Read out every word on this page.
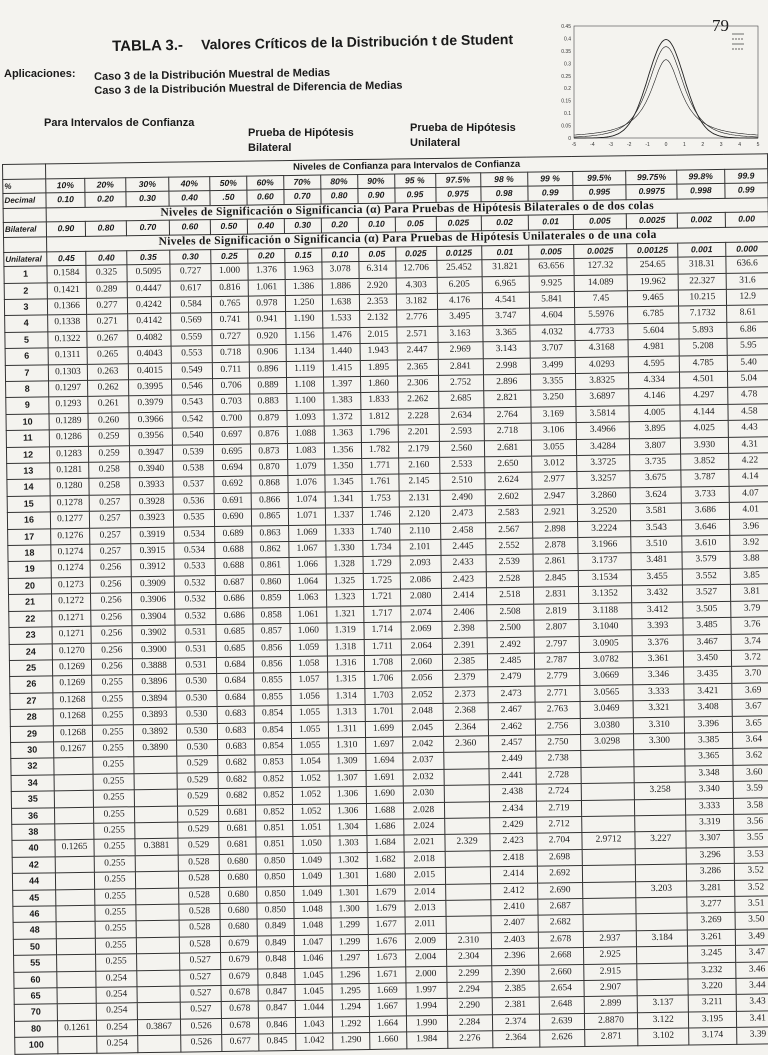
79
TABLA 3.- Valores Críticos de la Distribución t de Student
Aplicaciones: Caso 3 de la Distribución Muestral de Medias
Caso 3 de la Distribución Muestral de Diferencia de Medias
Para Intervalos de Confianza
Prueba de Hipótesis
Bilateral
Prueba de Hipótesis
Unilateral
0.45
0.4
0.35
0.3
0.25
0.2
0.15
0.1
0.05
0
-5	-4	-3	-2	-1	0	1	2	3	4	5
	Niveles de Confianza para Intervalos de Confianza																
%	10%	20%	30%	40%	50%	60%	70%	80%	90%	95 %	97.5%	98 %	99 %	99.5%	99.75%	99.8%	99.9
Decimal	0.10	0.20	0.30	0.40	.50	0.60	0.70	0.80	0.90	0.95	0.975	0.98	0.99	0.995	0.9975	0.998	0.99
	Niveles de Significación o Significancia (α) Para Pruebas de Hipótesis Bilaterales o de dos colas																
Bilateral	0.90	0.80	0.70	0.60	0.50	0.40	0.30	0.20	0.10	0.05	0.025	0.02	0.01	0.005	0.0025	0.002	0.00
	Niveles de Significación o Significancia (α) Para Pruebas de Hipótesis Unilaterales o de una cola																
Unilateral	0.45	0.40	0.35	0.30	0.25	0.20	0.15	0.10	0.05	0.025	0.0125	0.01	0.005	0.0025	0.00125	0.001	0.000
1	0.1584	0.325	0.5095	0.727	1.000	1.376	1.963	3.078	6.314	12.706	25.452	31.821	63.656	127.32	254.65	318.31	636.6
2	0.1421	0.289	0.4447	0.617	0.816	1.061	1.386	1.886	2.920	4.303	6.205	6.965	9.925	14.089	19.962	22.327	31.6
3	0.1366	0.277	0.4242	0.584	0.765	0.978	1.250	1.638	2.353	3.182	4.176	4.541	5.841	7.45	9.465	10.215	12.9
4	0.1338	0.271	0.4142	0.569	0.741	0.941	1.190	1.533	2.132	2.776	3.495	3.747	4.604	5.5976	6.785	7.1732	8.61
5	0.1322	0.267	0.4082	0.559	0.727	0.920	1.156	1.476	2.015	2.571	3.163	3.365	4.032	4.7733	5.604	5.893	6.86
6	0.1311	0.265	0.4043	0.553	0.718	0.906	1.134	1.440	1.943	2.447	2.969	3.143	3.707	4.3168	4.981	5.208	5.95
7	0.1303	0.263	0.4015	0.549	0.711	0.896	1.119	1.415	1.895	2.365	2.841	2.998	3.499	4.0293	4.595	4.785	5.40
8	0.1297	0.262	0.3995	0.546	0.706	0.889	1.108	1.397	1.860	2.306	2.752	2.896	3.355	3.8325	4.334	4.501	5.04
9	0.1293	0.261	0.3979	0.543	0.703	0.883	1.100	1.383	1.833	2.262	2.685	2.821	3.250	3.6897	4.146	4.297	4.78
10	0.1289	0.260	0.3966	0.542	0.700	0.879	1.093	1.372	1.812	2.228	2.634	2.764	3.169	3.5814	4.005	4.144	4.58
11	0.1286	0.259	0.3956	0.540	0.697	0.876	1.088	1.363	1.796	2.201	2.593	2.718	3.106	3.4966	3.895	4.025	4.43
12	0.1283	0.259	0.3947	0.539	0.695	0.873	1.083	1.356	1.782	2.179	2.560	2.681	3.055	3.4284	3.807	3.930	4.31
13	0.1281	0.258	0.3940	0.538	0.694	0.870	1.079	1.350	1.771	2.160	2.533	2.650	3.012	3.3725	3.735	3.852	4.22
14	0.1280	0.258	0.3933	0.537	0.692	0.868	1.076	1.345	1.761	2.145	2.510	2.624	2.977	3.3257	3.675	3.787	4.14
15	0.1278	0.257	0.3928	0.536	0.691	0.866	1.074	1.341	1.753	2.131	2.490	2.602	2.947	3.2860	3.624	3.733	4.07
16	0.1277	0.257	0.3923	0.535	0.690	0.865	1.071	1.337	1.746	2.120	2.473	2.583	2.921	3.2520	3.581	3.686	4.01
17	0.1276	0.257	0.3919	0.534	0.689	0.863	1.069	1.333	1.740	2.110	2.458	2.567	2.898	3.2224	3.543	3.646	3.96
18	0.1274	0.257	0.3915	0.534	0.688	0.862	1.067	1.330	1.734	2.101	2.445	2.552	2.878	3.1966	3.510	3.610	3.92
19	0.1274	0.256	0.3912	0.533	0.688	0.861	1.066	1.328	1.729	2.093	2.433	2.539	2.861	3.1737	3.481	3.579	3.88
20	0.1273	0.256	0.3909	0.532	0.687	0.860	1.064	1.325	1.725	2.086	2.423	2.528	2.845	3.1534	3.455	3.552	3.85
21	0.1272	0.256	0.3906	0.532	0.686	0.859	1.063	1.323	1.721	2.080	2.414	2.518	2.831	3.1352	3.432	3.527	3.81
22	0.1271	0.256	0.3904	0.532	0.686	0.858	1.061	1.321	1.717	2.074	2.406	2.508	2.819	3.1188	3.412	3.505	3.79
23	0.1271	0.256	0.3902	0.531	0.685	0.857	1.060	1.319	1.714	2.069	2.398	2.500	2.807	3.1040	3.393	3.485	3.76
24	0.1270	0.256	0.3900	0.531	0.685	0.856	1.059	1.318	1.711	2.064	2.391	2.492	2.797	3.0905	3.376	3.467	3.74
25	0.1269	0.256	0.3888	0.531	0.684	0.856	1.058	1.316	1.708	2.060	2.385	2.485	2.787	3.0782	3.361	3.450	3.72
26	0.1269	0.255	0.3896	0.530	0.684	0.855	1.057	1.315	1.706	2.056	2.379	2.479	2.779	3.0669	3.346	3.435	3.70
27	0.1268	0.255	0.3894	0.530	0.684	0.855	1.056	1.314	1.703	2.052	2.373	2.473	2.771	3.0565	3.333	3.421	3.69
28	0.1268	0.255	0.3893	0.530	0.683	0.854	1.055	1.313	1.701	2.048	2.368	2.467	2.763	3.0469	3.321	3.408	3.67
29	0.1268	0.255	0.3892	0.530	0.683	0.854	1.055	1.311	1.699	2.045	2.364	2.462	2.756	3.0380	3.310	3.396	3.65
30	0.1267	0.255	0.3890	0.530	0.683	0.854	1.055	1.310	1.697	2.042	2.360	2.457	2.750	3.0298	3.300	3.385	3.64
32		0.255		0.529	0.682	0.853	1.054	1.309	1.694	2.037		2.449	2.738			3.365	3.62
34		0.255		0.529	0.682	0.852	1.052	1.307	1.691	2.032		2.441	2.728			3.348	3.60
35		0.255		0.529	0.682	0.852	1.052	1.306	1.690	2.030		2.438	2.724		3.258	3.340	3.59
36		0.255		0.529	0.681	0.852	1.052	1.306	1.688	2.028		2.434	2.719			3.333	3.58
38		0.255		0.529	0.681	0.851	1.051	1.304	1.686	2.024		2.429	2.712			3.319	3.56
40	0.1265	0.255	0.3881	0.529	0.681	0.851	1.050	1.303	1.684	2.021	2.329	2.423	2.704	2.9712	3.227	3.307	3.55
42		0.255		0.528	0.680	0.850	1.049	1.302	1.682	2.018		2.418	2.698			3.296	3.53
44		0.255		0.528	0.680	0.850	1.049	1.301	1.680	2.015		2.414	2.692			3.286	3.52
45		0.255		0.528	0.680	0.850	1.049	1.301	1.679	2.014		2.412	2.690		3.203	3.281	3.52
46		0.255		0.528	0.680	0.850	1.048	1.300	1.679	2.013		2.410	2.687			3.277	3.51
48		0.255		0.528	0.680	0.849	1.048	1.299	1.677	2.011		2.407	2.682			3.269	3.50
50		0.255		0.528	0.679	0.849	1.047	1.299	1.676	2.009	2.310	2.403	2.678	2.937	3.184	3.261	3.49
55		0.255		0.527	0.679	0.848	1.046	1.297	1.673	2.004	2.304	2.396	2.668	2.925		3.245	3.47
60		0.254		0.527	0.679	0.848	1.045	1.296	1.671	2.000	2.299	2.390	2.660	2.915		3.232	3.46
65		0.254		0.527	0.678	0.847	1.045	1.295	1.669	1.997	2.294	2.385	2.654	2.907		3.220	3.44
70		0.254		0.527	0.678	0.847	1.044	1.294	1.667	1.994	2.290	2.381	2.648	2.899	3.137	3.211	3.43
80	0.1261	0.254	0.3867	0.526	0.678	0.846	1.043	1.292	1.664	1.990	2.284	2.374	2.639	2.8870	3.122	3.195	3.41
100		0.254		0.526	0.677	0.845	1.042	1.290	1.660	1.984	2.276	2.364	2.626	2.871	3.102	3.174	3.39
